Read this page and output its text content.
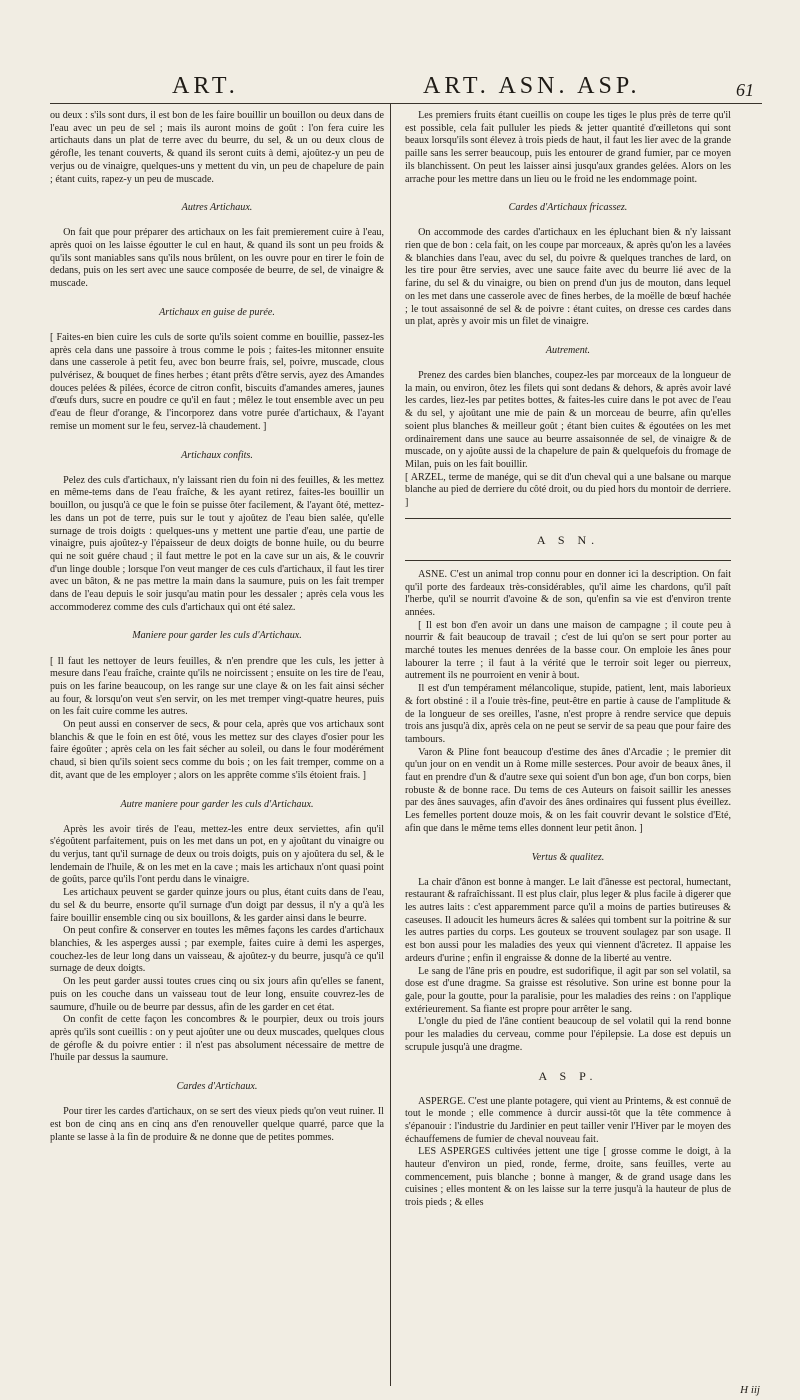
ART.	ART. ASN. ASP.	61

ou deux : s'ils sont durs, il est bon de les faire bouillir un bouillon ou deux dans de l'eau avec un peu de sel ; mais ils auront moins de goût : l'on fera cuire les artichauts dans un plat de terre avec du beurre, du sel, & un ou deux clous de gérofle, les tenant couverts, & quand ils seront cuits à demi, ajoûtez-y un peu de verjus ou de vinaigre, quelques-uns y mettent du vin, un peu de chapelure de pain ; étant cuits, rapez-y un peu de muscade.

Autres Artichaux.

On fait que pour préparer des artichaux on les fait premierement cuire à l'eau, après quoi on les laisse égoutter le cul en haut, & quand ils sont un peu froids & qu'ils sont maniables sans qu'ils nous brûlent, on les ouvre pour en tirer le foin de dedans, puis on les sert avec une sauce composée de beurre, de sel, de vinaigre & muscade.

Artichaux en guise de purée.

[ Faites-en bien cuire les culs de sorte qu'ils soient comme en bouillie, passez-les après cela dans une passoire à trous comme le pois ; faites-les mitonner ensuite dans une casserole à petit feu, avec bon beurre frais, sel, poivre, muscade, clous pulvérisez, & bouquet de fines herbes ; étant prêts d'être servis, ayez des Amandes douces pelées & pilées, écorce de citron confit, biscuits d'amandes ameres, jaunes d'œufs durs, sucre en poudre ce qu'il en faut ; mêlez le tout ensemble avec un peu d'eau de fleur d'orange, & l'incorporez dans votre purée d'artichaux, & l'ayant remise un moment sur le feu, servez-là chaudement. ]

Artichaux confits.

Pelez des culs d'artichaux, n'y laissant rien du foin ni des feuilles, & les mettez en même-tems dans de l'eau fraîche, & les ayant retirez, faites-les bouillir un bouillon, ou jusqu'à ce que le foin se puisse ôter facilement, & l'ayant ôté, mettez-les dans un pot de terre, puis sur le tout y ajoûtez de l'eau bien salée, qu'elle surnage de trois doigts : quelques-uns y mettent une partie d'eau, une partie de vinaigre, puis ajoûtez-y l'épaisseur de deux doigts de bonne huile, ou du beurre qui ne soit guére chaud ; il faut mettre le pot en la cave sur un ais, & le couvrir d'un linge double ; lorsque l'on veut manger de ces culs d'artichaux, il faut les tirer avec un bâton, & ne pas mettre la main dans la saumure, puis on les fait tremper dans de l'eau depuis le soir jusqu'au matin pour les dessaler ; après cela vous les accommoderez comme des culs d'artichaux qui ont été salez.

Maniere pour garder les culs d'Artichaux.

[ Il faut les nettoyer de leurs feuilles, & n'en prendre que les culs, les jetter à mesure dans l'eau fraîche, crainte qu'ils ne noircissent ; ensuite on les tire de l'eau, puis on les farine beaucoup, on les range sur une claye & on les fait ainsi sécher au four, & lorsqu'on veut s'en servir, on les met tremper vingt-quatre heures, puis on les fait cuire comme les autres.

On peut aussi en conserver de secs, & pour cela, après que vos artichaux sont blanchis & que le foin en est ôté, vous les mettez sur des clayes d'osier pour les faire égoûter ; après cela on les fait sécher au soleil, ou dans le four modérément chaud, si bien qu'ils soient secs comme du bois ; on les fait tremper, comme on a dit, avant que de les employer ; alors on les apprête comme s'ils étoient frais. ]

Autre maniere pour garder les culs d'Artichaux.

Après les avoir tirés de l'eau, mettez-les entre deux serviettes, afin qu'il s'égoûtent parfaitement, puis on les met dans un pot, en y ajoûtant du vinaigre ou du verjus, tant qu'il surnage de deux ou trois doigts, puis on y ajoûtera du sel, & le lendemain de l'huile, & on les met en la cave ; mais les artichaux n'ont quasi point de goûts, parce qu'ils l'ont perdu dans le vinaigre.

Les artichaux peuvent se garder quinze jours ou plus, étant cuits dans de l'eau, du sel & du beurre, ensorte qu'il surnage d'un doigt par dessus, il n'y a qu'à les faire bouillir ensemble cinq ou six bouillons, & les garder ainsi dans le beurre.

On peut confire & conserver en toutes les mêmes façons les cardes d'artichaux blanchies, & les asperges aussi ; par exemple, faites cuire à demi les asperges, couchez-les de leur long dans un vaisseau, & ajoûtez-y du beurre, jusqu'à ce qu'il surnage de deux doigts.

On les peut garder aussi toutes crues cinq ou six jours afin qu'elles se fanent, puis on les couche dans un vaisseau tout de leur long, ensuite couvrez-les de saumure, d'huile ou de beurre par dessus, afin de les garder en cet état.

On confit de cette façon les concombres & le pourpier, deux ou trois jours après qu'ils sont cueillis : on y peut ajoûter une ou deux muscades, quelques clous de gérofle & du poivre entier : il n'est pas absolument nécessaire de mettre de l'huile par dessus la saumure.

Cardes d'Artichaux.

Pour tirer les cardes d'artichaux, on se sert des vieux pieds qu'on veut ruiner. Il est bon de cinq ans en cinq ans d'en renouveller quelque quarré, parce que la plante se lasse à la fin de produire & ne donne que de petites pommes.

Les premiers fruits étant cueillis on coupe les tiges le plus près de terre qu'il est possible, cela fait pulluler les pieds & jetter quantité d'œilletons qui sont beaux lorsqu'ils sont élevez à trois pieds de haut, il faut les lier avec de la grande paille sans les serrer beaucoup, puis les entourer de grand fumier, par ce moyen ils blanchissent. On peut les laisser ainsi jusqu'aux grandes gelées. Alors on les arrache pour les mettre dans un lieu ou le froid ne les endommage point.

Cardes d'Artichaux fricassez.

On accommode des cardes d'artichaux en les épluchant bien & n'y laissant rien que de bon : cela fait, on les coupe par morceaux, & après qu'on les a lavées & blanchies dans l'eau, avec du sel, du poivre & quelques tranches de lard, on les tire pour être servies, avec une sauce faite avec du beurre lié avec de la farine, du sel & du vinaigre, ou bien on prend d'un jus de mouton, dans lequel on les met dans une casserole avec de fines herbes, de la moëlle de bœuf hachée ; le tout assaisonné de sel & de poivre : étant cuites, on dresse ces cardes dans un plat, après y avoir mis un filet de vinaigre.

Autrement.

Prenez des cardes bien blanches, coupez-les par morceaux de la longueur de la main, ou environ, ôtez les filets qui sont dedans & dehors, & après avoir lavé les cardes, liez-les par petites bottes, & faites-les cuire dans le pot avec de l'eau & du sel, y ajoûtant une mie de pain & un morceau de beurre, afin qu'elles soient plus blanches & meilleur goût ; étant bien cuites & égoutées on les met ordinairement dans une sauce au beurre assaisonnée de sel, de vinaigre & de muscade, on y ajoûte aussi de la chapelure de pain & quelquefois du fromage de Milan, puis on les fait bouillir.

[ ARZEL, terme de manége, qui se dit d'un cheval qui a une balsane ou marque blanche au pied de derriere du côté droit, ou du pied hors du montoir de derriere. ]

A S N.

ASNE. C'est un animal trop connu pour en donner ici la description. On fait qu'il porte des fardeaux très-considérables, qu'il aime les chardons, qu'il paît l'herbe, qu'il se nourrit d'avoine & de son, qu'enfin sa vie est d'environ trente années.

[ Il est bon d'en avoir un dans une maison de campagne ; il coute peu à nourrir & fait beaucoup de travail ; c'est de lui qu'on se sert pour porter au marché toutes les menues denrées de la basse cour. On emploie les ânes pour labourer la terre ; il faut à la vérité que le terroir soit leger ou pierreux, autrement ils ne pourroient en venir à bout.

Il est d'un tempérament mélancolique, stupide, patient, lent, mais laborieux & fort obstiné : il a l'ouie très-fine, peut-être en partie à cause de l'amplitude & de la longueur de ses oreilles, l'asne, n'est propre à rendre service que depuis trois ans jusqu'à dix, après cela on ne peut se servir de sa peau que pour faire des tambours.

Varon & Pline font beaucoup d'estime des ânes d'Arcadie ; le premier dit qu'un jour on en vendit un à Rome mille sesterces. Pour avoir de beaux ânes, il faut en prendre d'un & d'autre sexe qui soient d'un bon age, d'un bon corps, bien robuste & de bonne race. Du tems de ces Auteurs on faisoit saillir les anesses par des ânes sauvages, afin d'avoir des ânes ordinaires qui fussent plus éveillez. Les femelles portent douze mois, & on les fait couvrir devant le solstice d'Eté, afin que dans le même tems elles donnent leur petit ânon. ]

Vertus & qualitez.

La chair d'ânon est bonne à manger. Le lait d'ânesse est pectoral, humectant, restaurant & rafraîchissant. Il est plus clair, plus leger & plus facile à digerer que les autres laits : c'est apparemment parce qu'il a moins de parties butireuses & caseuses. Il adoucit les humeurs âcres & salées qui tombent sur la poitrine & sur les autres parties du corps. Les gouteux se trouvent soulagez par son usage. Il est bon aussi pour les maladies des yeux qui viennent d'âcretez. Il appaise les ardeurs d'urine ; enfin il engraisse & donne de la liberté au ventre.

Le sang de l'âne pris en poudre, est sudorifique, il agit par son sel volatil, sa dose est d'une dragme. Sa graisse est résolutive. Son urine est bonne pour la gale, pour la goutte, pour la paralisie, pour les maladies des reins : on l'applique extérieurement. Sa fiante est propre pour arrêter le sang.

L'ongle du pied de l'âne contient beaucoup de sel volatil qui la rend bonne pour les maladies du cerveau, comme pour l'épilepsie. La dose est depuis un scrupule jusqu'à une dragme.

A S P.

ASPERGE. C'est une plante potagere, qui vient au Printems, & est connuë de tout le monde ; elle commence à durcir aussi-tôt que la tête commence à s'épanouir : l'industrie du Jardinier en peut tailler venir l'Hiver par le moyen des échauffemens de fumier de cheval nouveau fait.

LES ASPERGES cultivées jettent une tige [ grosse comme le doigt, à la hauteur d'environ un pied, ronde, ferme, droite, sans feuilles, verte au commencement, puis blanche ; bonne à manger, & de grand usage dans les cuisines ; elles montent & on les laisse sur la terre jusqu'à la hauteur de plus de trois pieds ; & elles

H iij
